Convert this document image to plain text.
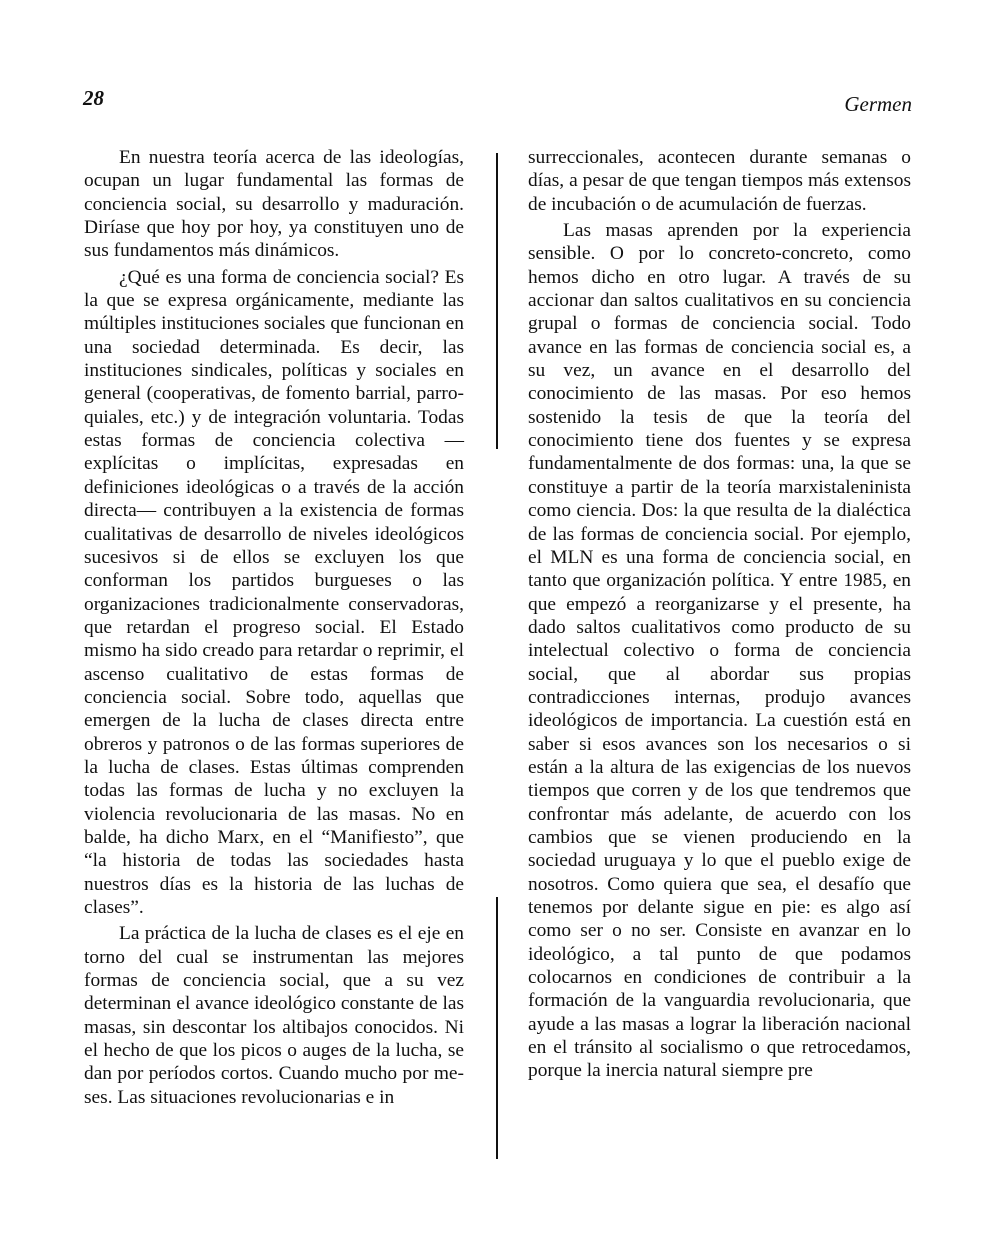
28	Germen

En nuestra teoría acerca de las ideologías, ocupan un lugar fundamental las formas de conciencia social, su desarrollo y maduración. Diríase que hoy por hoy, ya constituyen uno de sus fundamentos más dinámicos.

¿Qué es una forma de conciencia social? Es la que se expresa orgánicamente, mediante las múltiples instituciones sociales que funcionan en una sociedad determinada. Es decir, las instituciones sindicales, políticas y sociales en general (cooperativas, de fomento barrial, parroquiales, etc.) y de integración voluntaria. Todas estas formas de conciencia colectiva —explícitas o implícitas, expresadas en definiciones ideológicas o a través de la acción directa— contribuyen a la existencia de formas cualitativas de desarrollo de niveles ideológicos sucesivos si de ellos se excluyen los que conforman los partidos burgueses o las organizaciones tradicionalmente conservadoras, que retardan el progreso social. El Estado mismo ha sido creado para retardar o reprimir, el ascenso cualitativo de estas formas de conciencia social. Sobre todo, aquellas que emergen de la lucha de clases directa entre obreros y patronos o de las formas superiores de la lucha de clases. Estas últimas comprenden todas las formas de lucha y no excluyen la violencia revolucionaria de las masas. No en balde, ha dicho Marx, en el “Manifiesto”, que “la historia de todas las sociedades hasta nuestros días es la historia de las luchas de clases”.

La práctica de la lucha de clases es el eje en torno del cual se instrumentan las mejores formas de conciencia social, que a su vez determinan el avance ideológico constante de las masas, sin descontar los altibajos conocidos. Ni el hecho de que los picos o auges de la lucha, se dan por períodos cortos. Cuando mucho por meses. Las situaciones revolucionarias e in

surreccionales, acontecen durante semanas o días, a pesar de que tengan tiempos más extensos de incubación o de acumulación de fuerzas.

Las masas aprenden por la experiencia sensible. O por lo concreto-concreto, como hemos dicho en otro lugar. A través de su accionar dan saltos cualitativos en su conciencia grupal o formas de conciencia social. Todo avance en las formas de conciencia social es, a su vez, un avance en el desarrollo del conocimiento de las masas. Por eso hemos sostenido la tesis de que la teoría del conocimiento tiene dos fuentes y se expresa fundamentalmente de dos formas: una, la que se constituye a partir de la teoría marxistaleninista como ciencia. Dos: la que resulta de la dialéctica de las formas de conciencia social. Por ejemplo, el MLN es una forma de conciencia social, en tanto que organización política. Y entre 1985, en que empezó a reorganizarse y el presente, ha dado saltos cualitativos como producto de su intelectual colectivo o forma de conciencia social, que al abordar sus propias contradicciones internas, produjo avances ideológicos de importancia. La cuestión está en saber si esos avances son los necesarios o si están a la altura de las exigencias de los nuevos tiempos que corren y de los que tendremos que confrontar más adelante, de acuerdo con los cambios que se vienen produciendo en la sociedad uruguaya y lo que el pueblo exige de nosotros. Como quiera que sea, el desafío que tenemos por delante sigue en pie: es algo así como ser o no ser. Consiste en avanzar en lo ideológico, a tal punto de que podamos colocarnos en condiciones de contribuir a la formación de la vanguardia revolucionaria, que ayude a las masas a lograr la liberación nacional en el tránsito al socialismo o que retrocedamos, porque la inercia natural siempre pre
